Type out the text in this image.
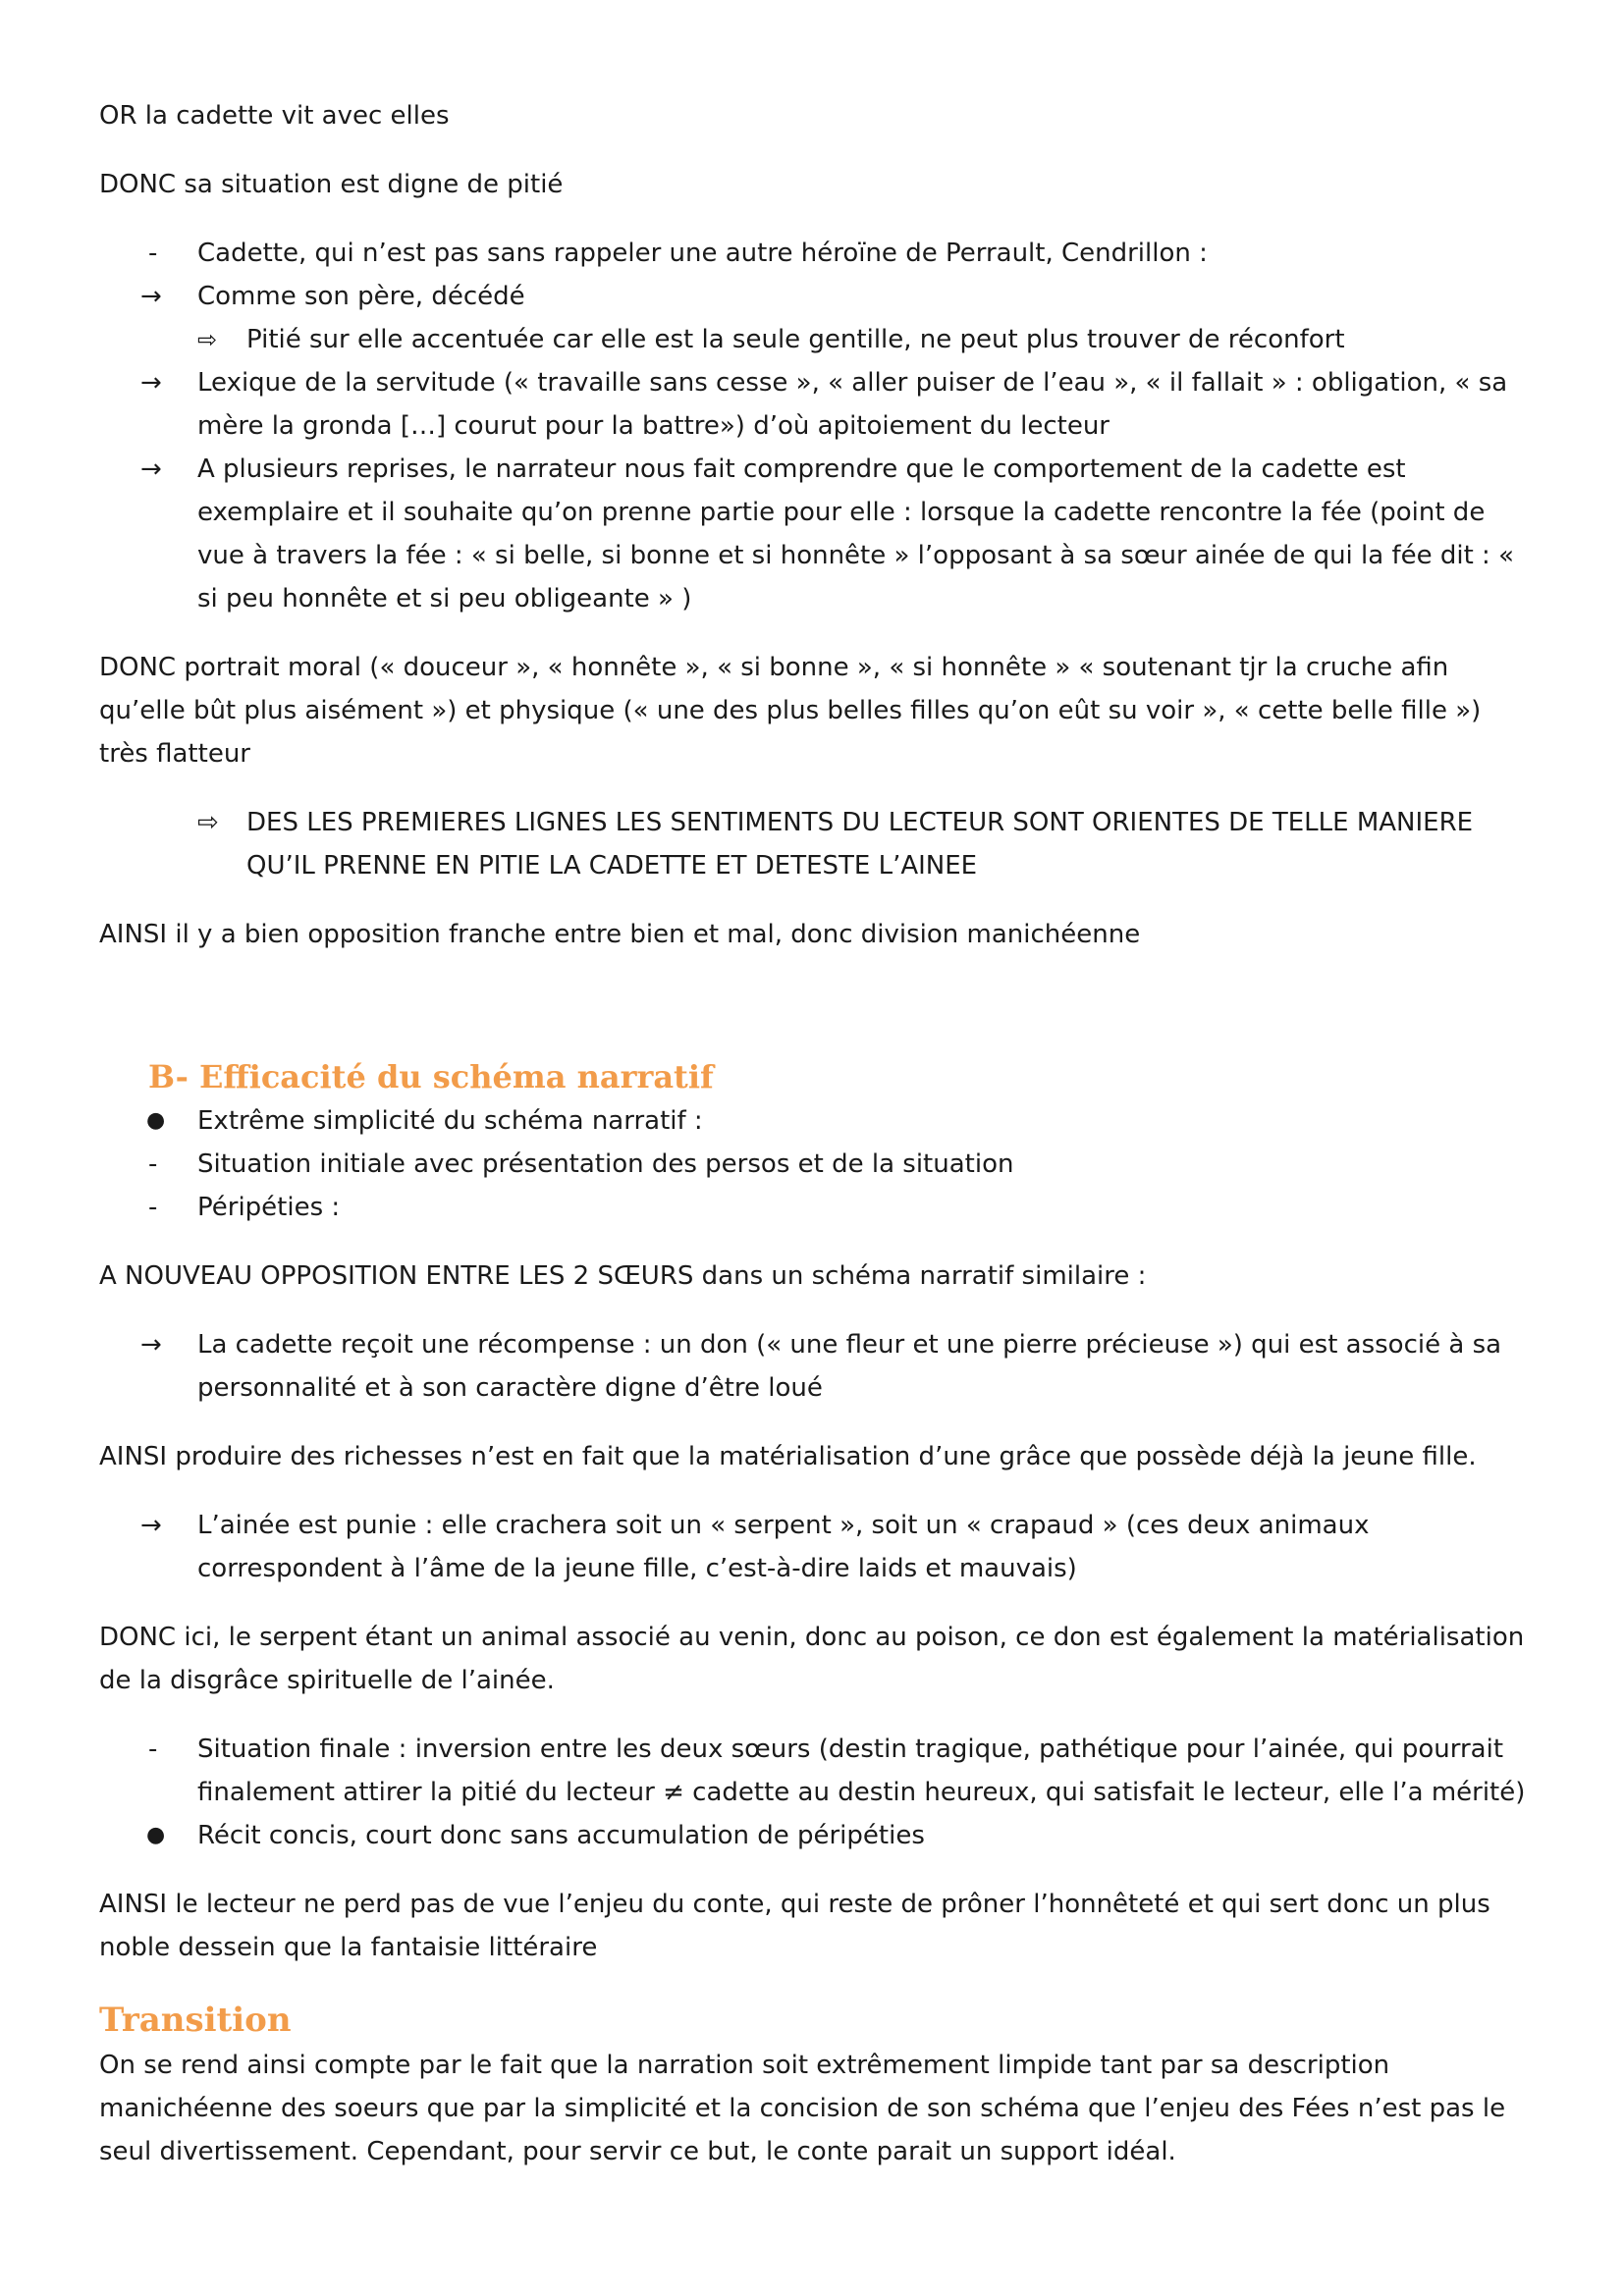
OR la cadette vit avec elles

DONC sa situation est digne de pitié

-	Cadette, qui n’est pas sans rappeler une autre héroïne de Perrault, Cendrillon :
→	Comme son père, décédé
⇨	Pitié sur elle accentuée car elle est la seule gentille, ne peut plus trouver de réconfort
→	Lexique de la servitude (« travaille sans cesse », « aller puiser de l’eau », « il fallait » : obligation, « sa mère la gronda […] courut pour la battre») d’où apitoiement du lecteur
→	A plusieurs reprises, le narrateur nous fait comprendre que le comportement de la cadette est exemplaire et il souhaite qu’on prenne partie pour elle : lorsque la cadette rencontre la fée (point de vue à travers la fée : « si belle, si bonne et si honnête » l’opposant à sa sœur ainée de qui la fée dit : « si peu honnête et si peu obligeante » )

DONC portrait moral (« douceur », « honnête », « si bonne », « si honnête » « soutenant tjr la cruche afin qu’elle bût plus aisément ») et physique (« une des plus belles filles qu’on eût su voir », « cette belle fille ») très flatteur

⇨	DES LES PREMIERES LIGNES LES SENTIMENTS DU LECTEUR SONT ORIENTES DE TELLE MANIERE QU’IL PRENNE EN PITIE LA CADETTE ET DETESTE L’AINEE

AINSI il y a bien opposition franche entre bien et mal, donc division manichéenne

B- Efficacité du schéma narratif
●	Extrême simplicité du schéma narratif :
-	Situation initiale avec présentation des persos et de la situation
-	Péripéties :

A NOUVEAU OPPOSITION ENTRE LES 2 SŒURS dans un schéma narratif similaire :

→	La cadette reçoit une récompense : un don (« une fleur et une pierre précieuse ») qui est associé à sa personnalité et à son caractère digne d’être loué

AINSI produire des richesses n’est en fait que la matérialisation d’une grâce que possède déjà la jeune fille.

→	L’ainée est punie : elle crachera soit un « serpent », soit un « crapaud » (ces deux animaux correspondent à l’âme de la jeune fille, c’est-à-dire laids et mauvais)

DONC ici, le serpent étant un animal associé au venin, donc au poison, ce don est également la matérialisation de la disgrâce spirituelle de l’ainée.

-	Situation finale : inversion entre les deux sœurs (destin tragique, pathétique pour l’ainée, qui pourrait finalement attirer la pitié du lecteur ≠ cadette au destin heureux, qui satisfait le lecteur, elle l’a mérité)
●	Récit concis, court donc sans accumulation de péripéties

AINSI le lecteur ne perd pas de vue l’enjeu du conte, qui reste de prôner l’honnêteté et qui sert donc un plus noble dessein que la fantaisie littéraire

Transition

On se rend ainsi compte par le fait que la narration soit extrêmement limpide tant par sa description manichéenne des soeurs que par la simplicité et la concision de son schéma que l’enjeu des Fées n’est pas le seul divertissement. Cependant, pour servir ce but, le conte parait un support idéal.
